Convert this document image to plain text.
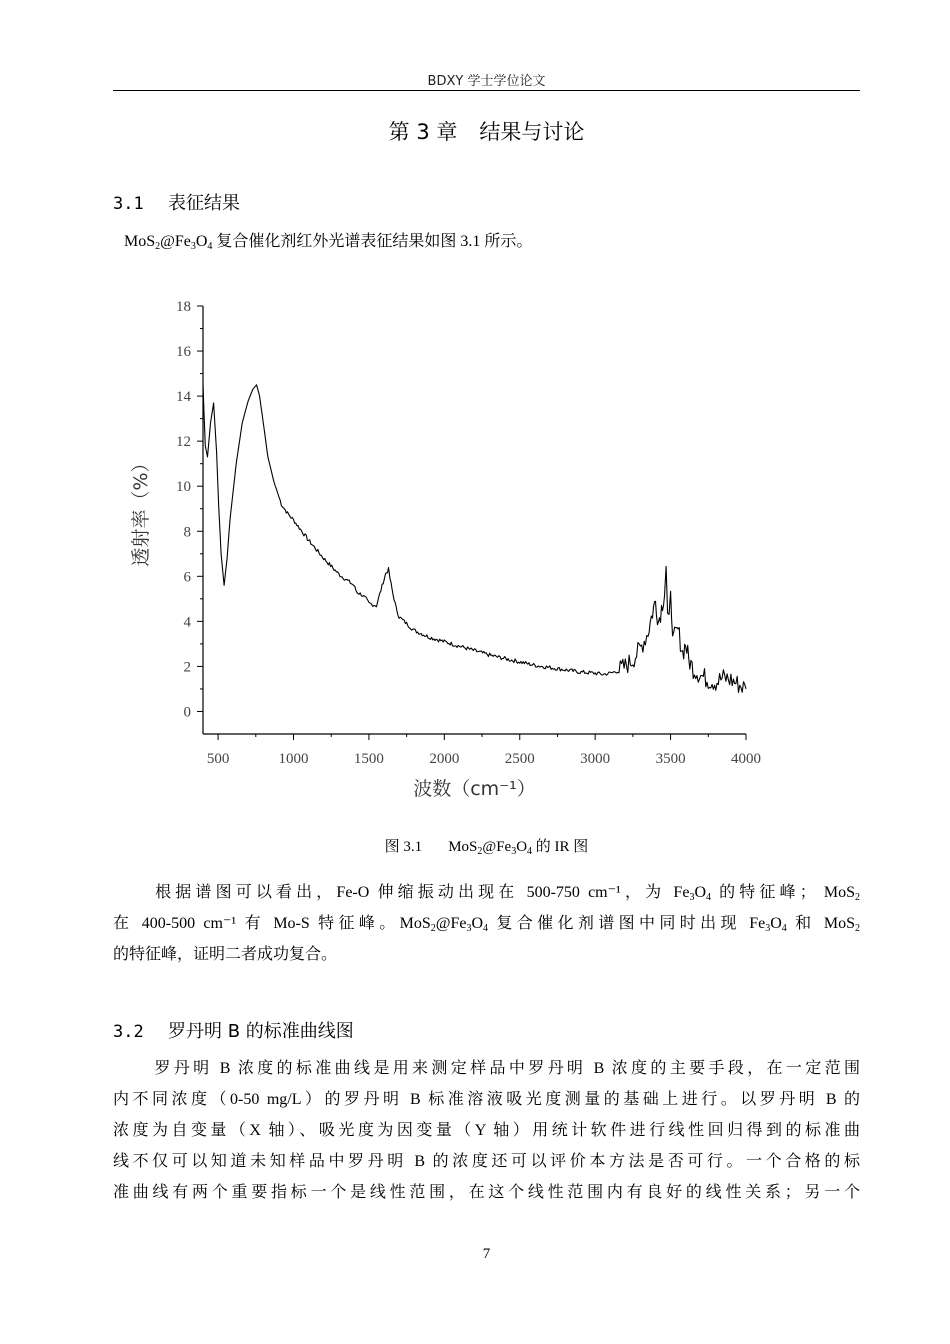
BDXY 学士学位论文
第 3 章 结果与讨论
3.1 表征结果
$MoS_2@Fe_3O_4$ 复合催化剂红外光谱表征结果如图 3.1 所示。
0
2
4
6
8
10
12
14
16
18
500	1000	1500	2000	2500	3000	3500	4000
波数（cm⁻¹）
透射率（%）
图 3.1 $MoS_2@Fe_3O_4$ 的 IR 图
根据谱图可以看出，Fe-O 伸缩振动出现在 500-750 cm⁻¹，为 $Fe_3O_4$ 的特征峰； MoS$_2$
在 400-500 cm⁻¹ 有 Mo-S 特征峰。$MoS_2@Fe_3O_4$ 复合催化剂谱图中同时出现 $Fe_3O_4$ 和 MoS$_2$
的特征峰，证明二者成功复合。
3.2 罗丹明 B 的标准曲线图
罗丹明 B 浓度的标准曲线是用来测定样品中罗丹明 B 浓度的主要手段，在一定范围
内不同浓度（0-50 mg/L）的罗丹明 B 标准溶液吸光度测量的基础上进行。以罗丹明 B 的
浓度为自变量（X 轴）、吸光度为因变量（Y 轴）用统计软件进行线性回归得到的标准曲
线不仅可以知道未知样品中罗丹明 B 的浓度还可以评价本方法是否可行。一个合格的标
准曲线有两个重要指标一个是线性范围，在这个线性范围内有良好的线性关系；另一个
7
